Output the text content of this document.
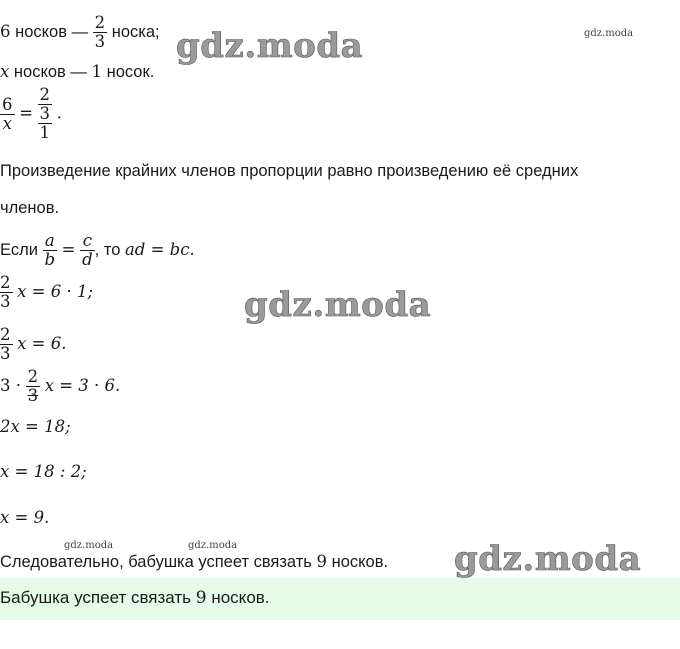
6 носков — $\frac{2}{3}$ носка;
x носков — 1 носок.
$\frac{6}{x}$ =
2
3
1
.
Произведение крайних членов пропорции равно произведению её средних
членов.
Если $\frac{a}{b} = \frac{c}{d}$ , то ad = bc.
$\frac{2}{3}$ x = 6 · 1;
$\frac{2}{3}$ x = 6.
$3 \cdot \frac{2}{3}$ x = 3 · 6.
2x = 18;
x = 18 : 2;
x = 9.
Следовательно, бабушка успеет связать 9 носков.
Бабушка успеет связать 9 носков.
gdz.moda	gdz.moda
gdz.moda
gdz.moda	gdz.moda	gdz.moda
